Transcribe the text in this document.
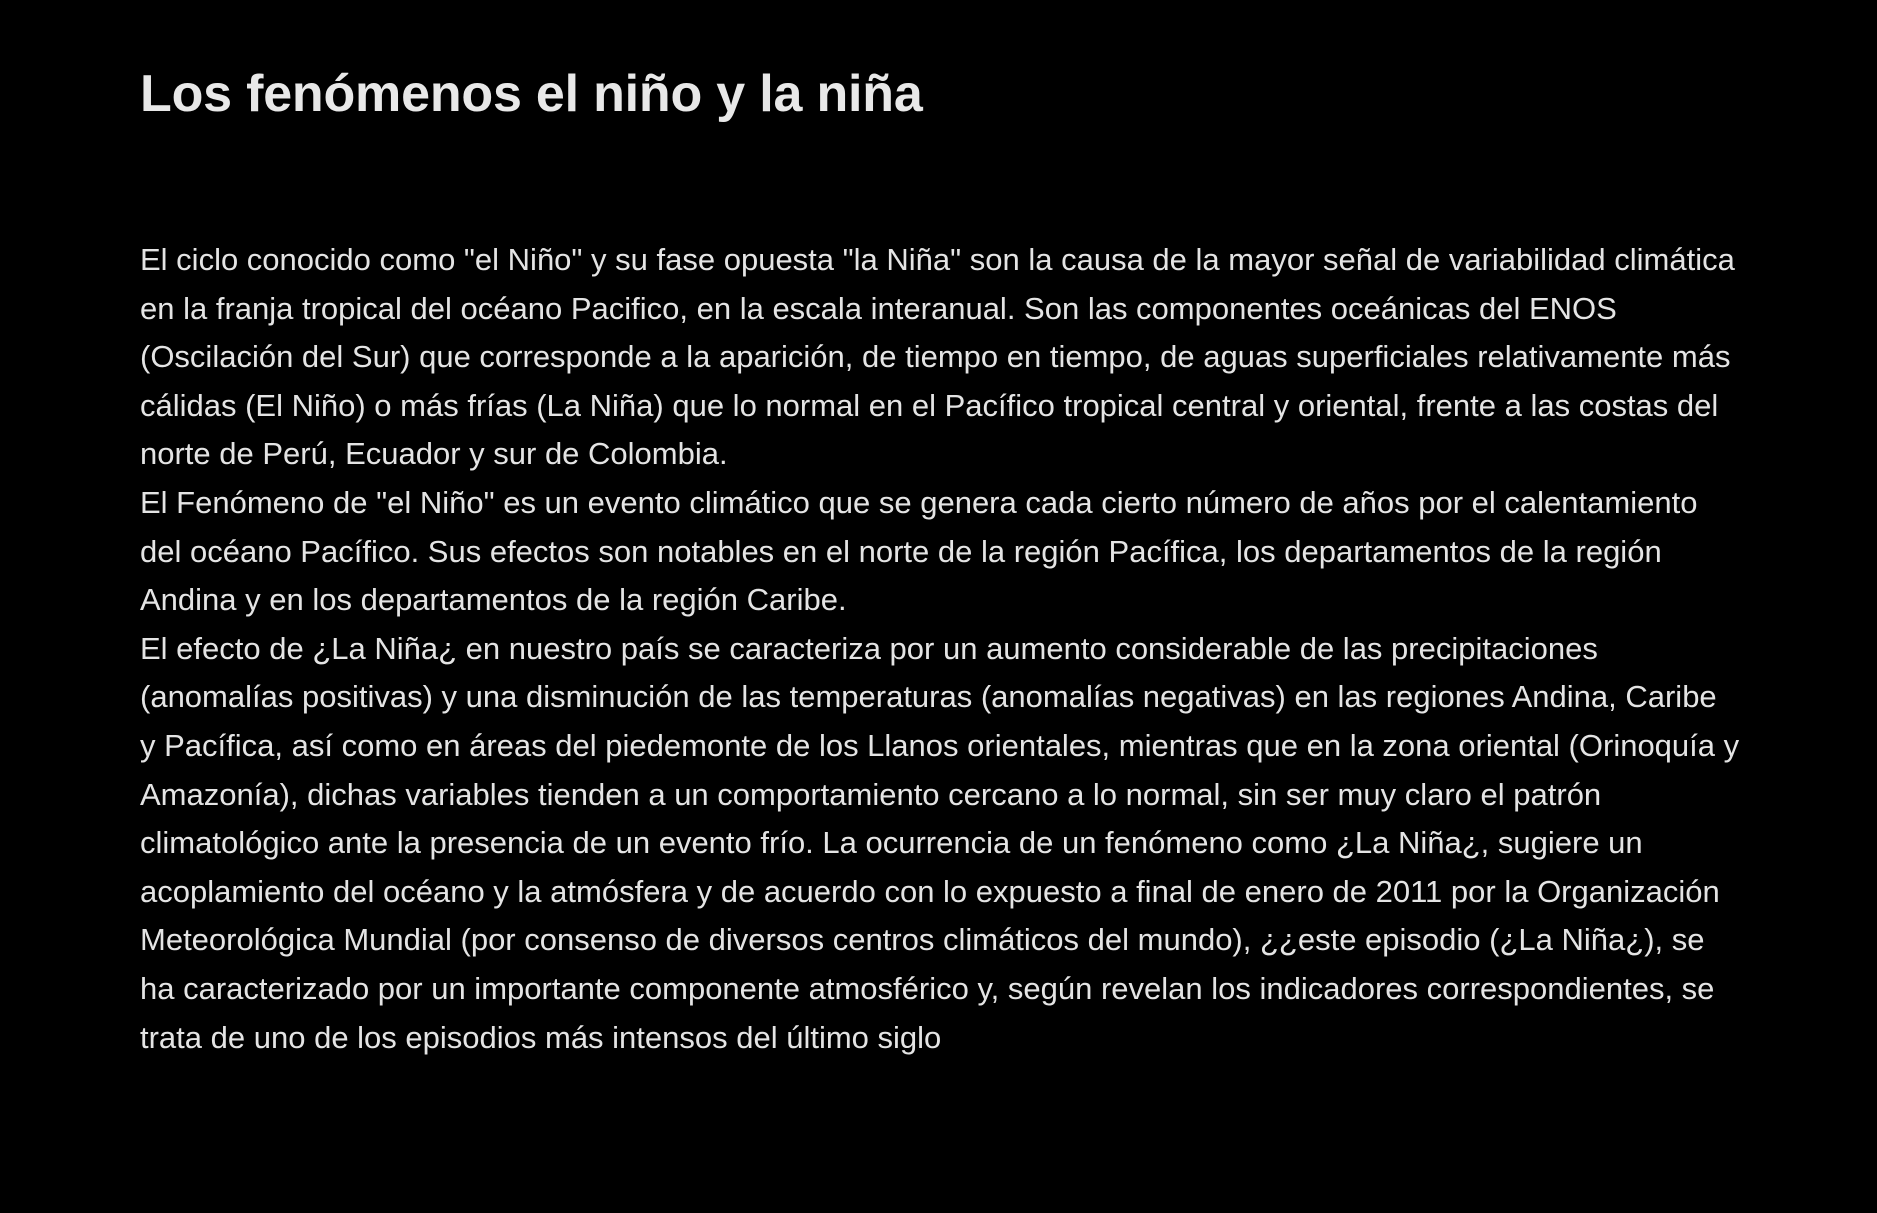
Los fenómenos el niño y la niña

El ciclo conocido como "el Niño" y su fase opuesta "la Niña" son la causa de la mayor señal de variabilidad climática en la franja tropical del océano Pacifico, en la escala interanual. Son las componentes oceánicas del ENOS (Oscilación del Sur) que corresponde a la aparición, de tiempo en tiempo, de aguas superficiales relativamente más cálidas (El Niño) o más frías (La Niña) que lo normal en el Pacífico tropical central y oriental, frente a las costas del norte de Perú, Ecuador y sur de Colombia.

El Fenómeno de "el Niño" es un evento climático que se genera cada cierto número de años por el calentamiento del océano Pacífico. Sus efectos son notables en el norte de la región Pacífica, los departamentos de la región Andina y en los departamentos de la región Caribe.

El efecto de ¿La Niña¿ en nuestro país se caracteriza por un aumento considerable de las precipitaciones (anomalías positivas) y una disminución de las temperaturas (anomalías negativas) en las regiones Andina, Caribe y Pacífica, así como en áreas del piedemonte de los Llanos orientales, mientras que en la zona oriental (Orinoquía y Amazonía), dichas variables tienden a un comportamiento cercano a lo normal, sin ser muy claro el patrón climatológico ante la presencia de un evento frío. La ocurrencia de un fenómeno como ¿La Niña¿, sugiere un acoplamiento del océano y la atmósfera y de acuerdo con lo expuesto a final de enero de 2011 por la Organización Meteorológica Mundial (por consenso de diversos centros climáticos del mundo), ¿¿este episodio (¿La Niña¿), se ha caracterizado por un importante componente atmosférico y, según revelan los indicadores correspondientes, se trata de uno de los episodios más intensos del último siglo
